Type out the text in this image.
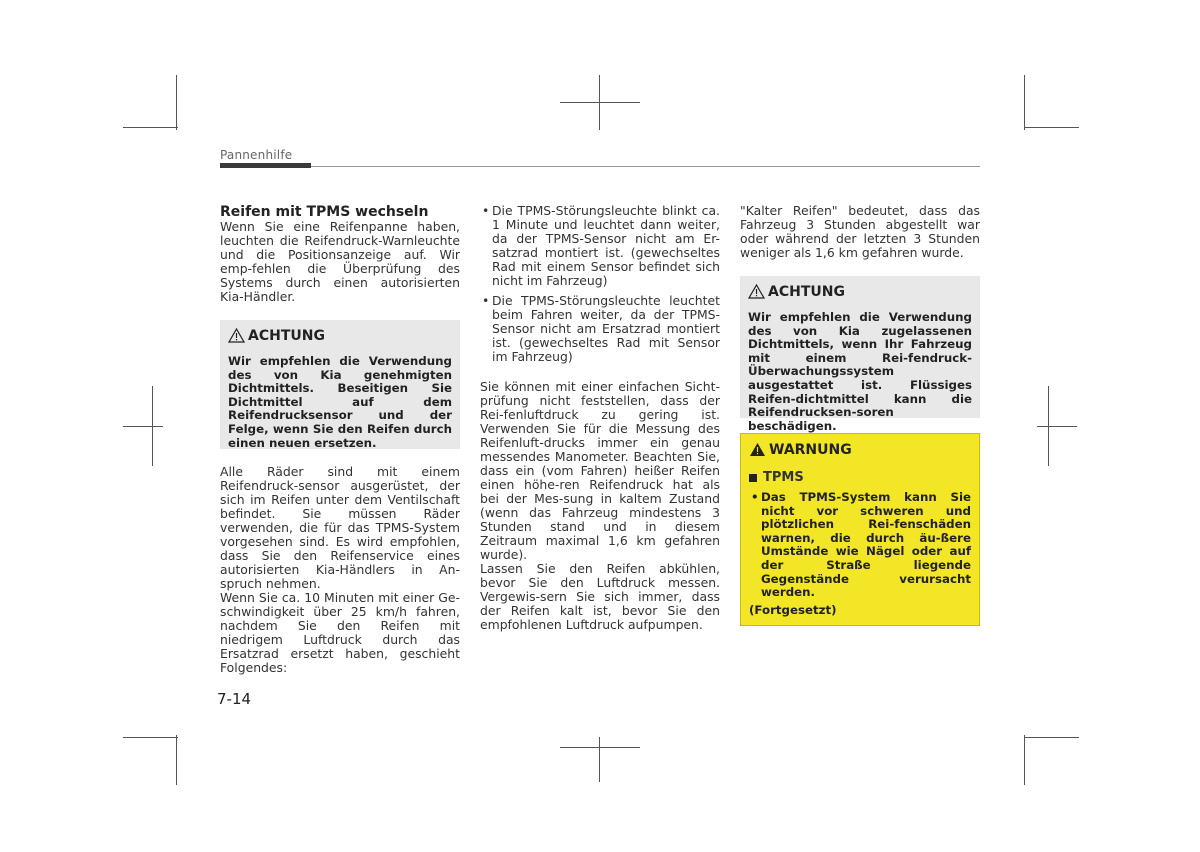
Pannenhilfe
Reifen mit TPMS wechseln

Wenn Sie eine Reifenpanne haben, leuchten die Reifendruck-Warnleuchte und die Positionsanzeige auf. Wir emp-fehlen die Überprüfung des Systems durch einen autorisierten Kia-Händler.

ACHTUNG
Wir empfehlen die Verwendung des von Kia genehmigten Dichtmittels. Beseitigen Sie Dichtmittel auf dem Reifendrucksensor und der Felge, wenn Sie den Reifen durch einen neuen ersetzen.

Alle Räder sind mit einem Reifendruck-sensor ausgerüstet, der sich im Reifen unter dem Ventilschaft befindet. Sie müssen Räder verwenden, die für das TPMS-System vorgesehen sind. Es wird empfohlen, dass Sie den Reifenservice eines autorisierten Kia-Händlers in An-spruch nehmen.

Wenn Sie ca. 10 Minuten mit einer Ge-schwindigkeit über 25 km/h fahren, nachdem Sie den Reifen mit niedrigem Luftdruck durch das Ersatzrad ersetzt haben, geschieht Folgendes:

• Die TPMS-Störungsleuchte blinkt ca. 1 Minute und leuchtet dann weiter, da der TPMS-Sensor nicht am Er-satzrad montiert ist. (gewechseltes Rad mit einem Sensor befindet sich nicht im Fahrzeug)
• Die TPMS-Störungsleuchte leuchtet beim Fahren weiter, da der TPMS-Sensor nicht am Ersatzrad montiert ist. (gewechseltes Rad mit Sensor im Fahrzeug)

Sie können mit einer einfachen Sicht-prüfung nicht feststellen, dass der Rei-fenluftdruck zu gering ist. Verwenden Sie für die Messung des Reifenluft-drucks immer ein genau messendes Manometer. Beachten Sie, dass ein (vom Fahren) heißer Reifen einen höhe-ren Reifendruck hat als bei der Mes-sung in kaltem Zustand (wenn das Fahrzeug mindestens 3 Stunden stand und in diesem Zeitraum maximal 1,6 km gefahren wurde).

Lassen Sie den Reifen abkühlen, bevor Sie den Luftdruck messen. Vergewis-sern Sie sich immer, dass der Reifen kalt ist, bevor Sie den empfohlenen Luftdruck aufpumpen.

"Kalter Reifen" bedeutet, dass das Fahrzeug 3 Stunden abgestellt war oder während der letzten 3 Stunden weniger als 1,6 km gefahren wurde.

ACHTUNG
Wir empfehlen die Verwendung des von Kia zugelassenen Dichtmittels, wenn Ihr Fahrzeug mit einem Rei-fendruck-Überwachungssystem ausgestattet ist. Flüssiges Reifen-dichtmittel kann die Reifendrucksen-soren beschädigen.
WARNUNG
TPMS
• Das TPMS-System kann Sie nicht vor schweren und plötzlichen Rei-fenschäden warnen, die durch äu-ßere Umstände wie Nägel oder auf der Straße liegende Gegenstände verursacht werden.
(Fortgesetzt)
7-14
